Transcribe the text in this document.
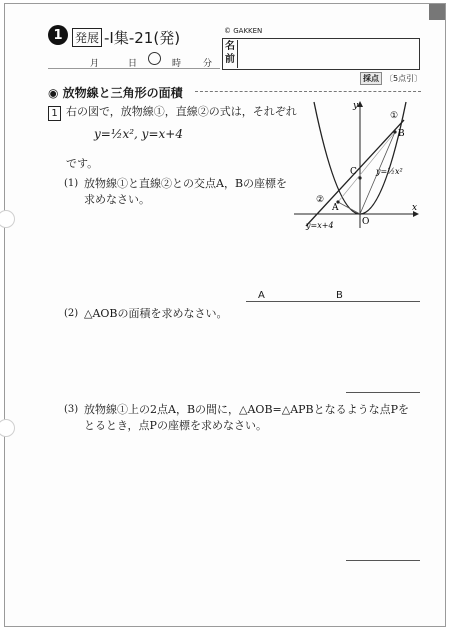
1	発展 -Ⅰ集-21(発)	© GAKKEN
名前
月	日	時 分
採点 〔5点引〕
◉ 放物線と三角形の面積
1 右の図で，放物線①，直線②の式は，それぞれ
y=½x², y=x+4
です。
(1) 放物線①と直線②との交点A，Bの座標を
求めなさい。
y
x
O
A
B
C
①
②
y=½x²
y=x+4
A	B
(2) △AOBの面積を求めなさい。
(3) 放物線①上の2点A，Bの間に，△AOB=△APBとなるような点Pを
とるとき，点Pの座標を求めなさい。
